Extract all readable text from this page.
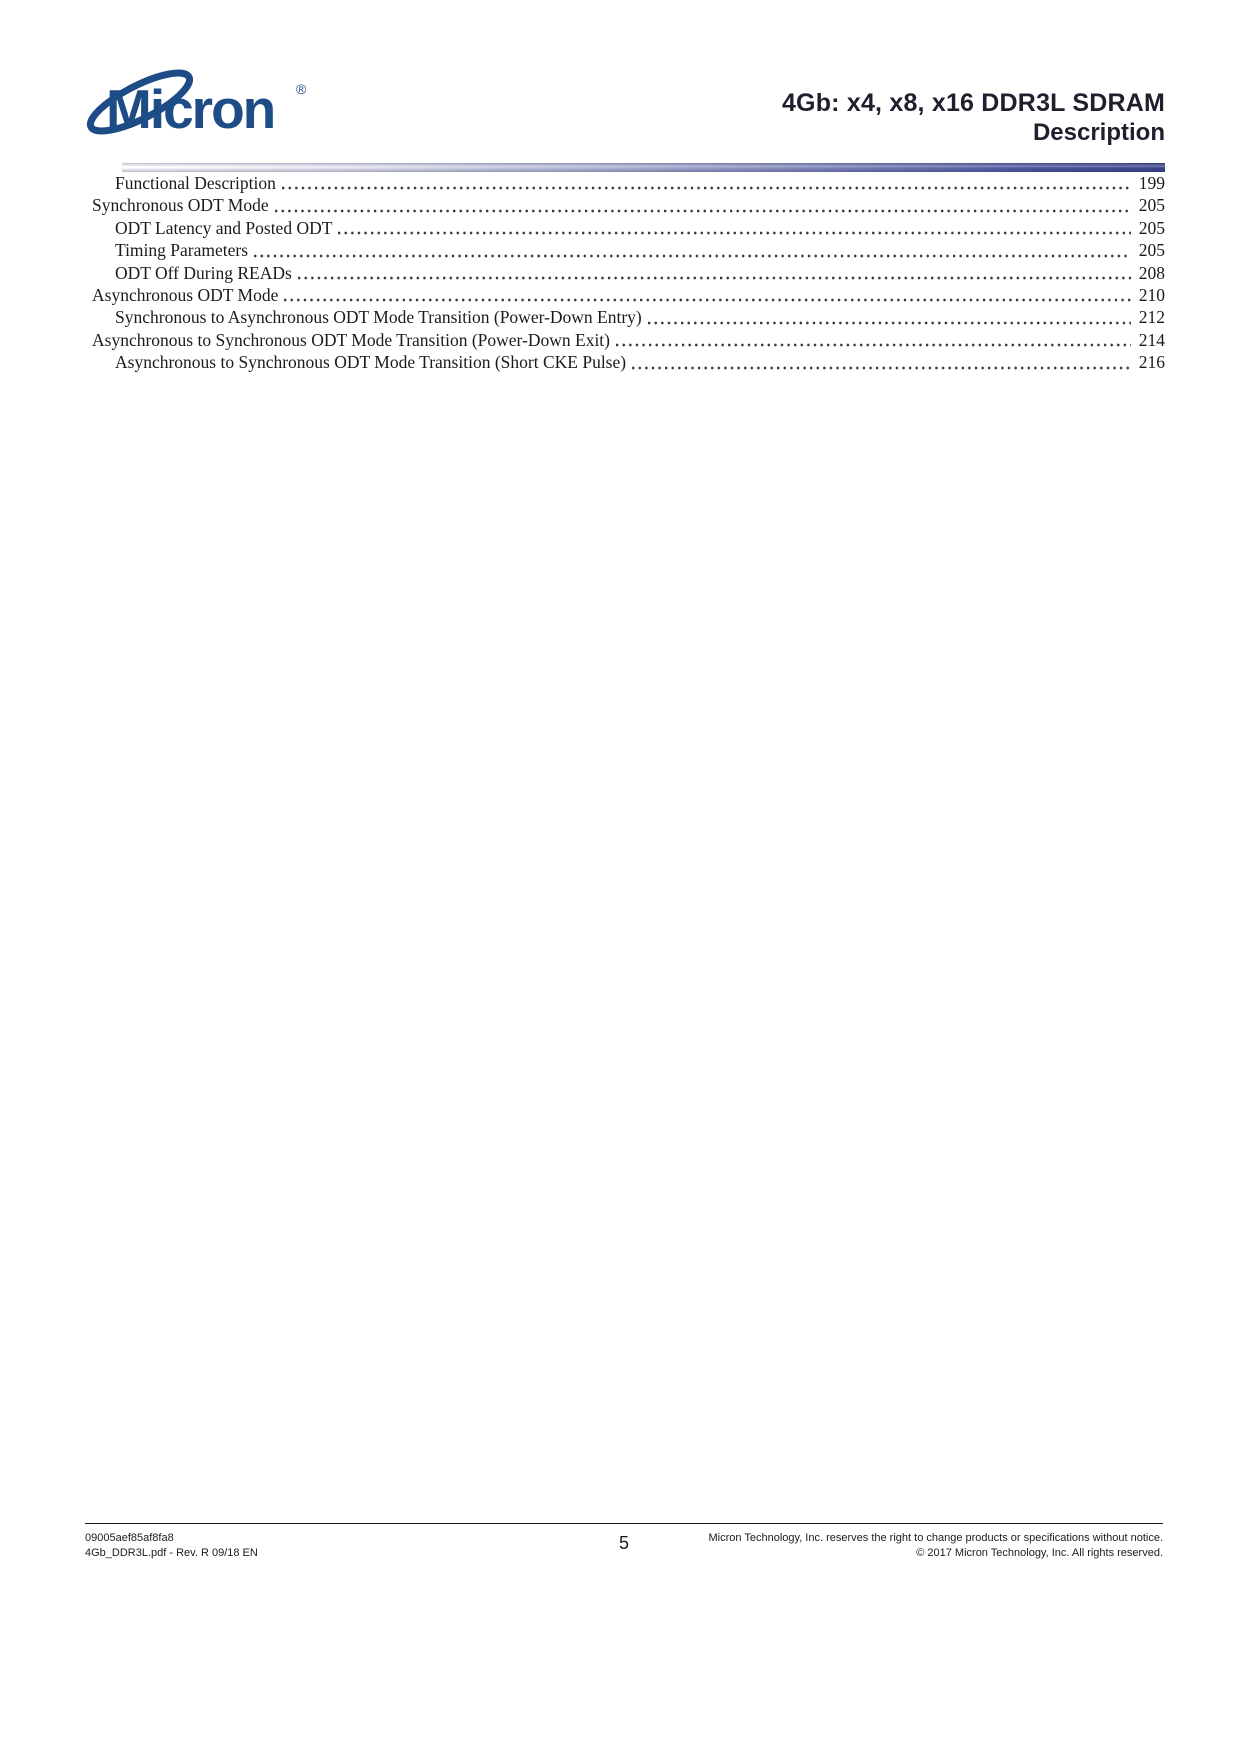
Micron ®	4Gb: x4, x8, x16 DDR3L SDRAM
Description
Functional Description	199
Synchronous ODT Mode	205
ODT Latency and Posted ODT	205
Timing Parameters	205
ODT Off During READs	208
Asynchronous ODT Mode	210
Synchronous to Asynchronous ODT Mode Transition (Power-Down Entry)	212
Asynchronous to Synchronous ODT Mode Transition (Power-Down Exit)	214
Asynchronous to Synchronous ODT Mode Transition (Short CKE Pulse)	216
09005aef85af8fa8
4Gb_DDR3L.pdf - Rev. R 09/18 EN	5	Micron Technology, Inc. reserves the right to change products or specifications without notice.
© 2017 Micron Technology, Inc. All rights reserved.
